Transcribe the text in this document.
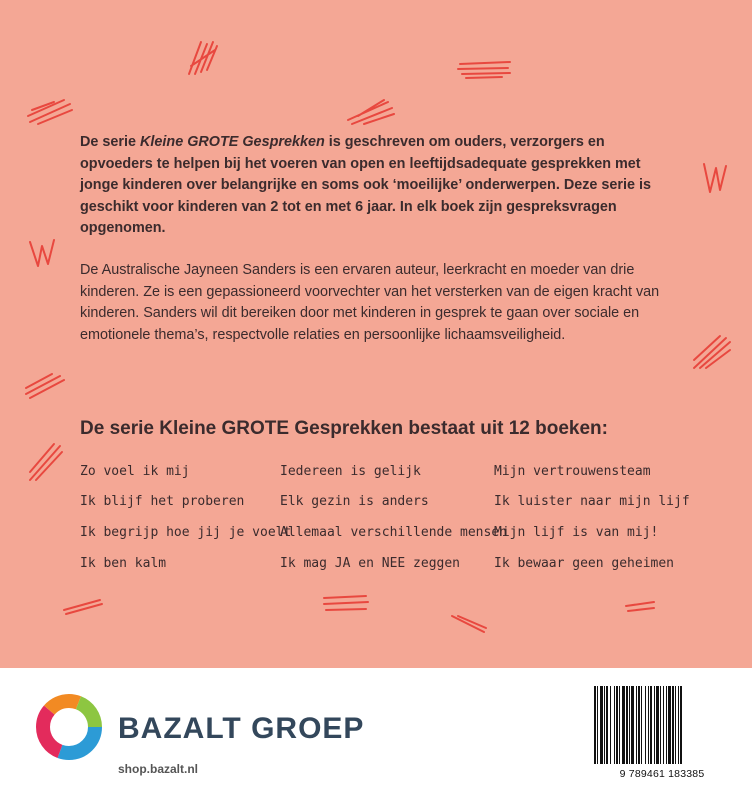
De serie Kleine GROTE Gesprekken is geschreven om ouders, verzorgers en opvoeders te helpen bij het voeren van open en leeftijdsadequate gesprekken met jonge kinderen over belangrijke en soms ook ‘moeilijke’ onderwerpen. Deze serie is geschikt voor kinderen van 2 tot en met 6 jaar. In elk boek zijn gespreksvragen opgenomen.
De Australische Jayneen Sanders is een ervaren auteur, leerkracht en moeder van drie kinderen. Ze is een gepassioneerd voorvechter van het versterken van de eigen kracht van kinderen. Sanders wil dit bereiken door met kinderen in gesprek te gaan over sociale en emotionele thema’s, respectvolle relaties en persoonlijke lichaamsveiligheid.
De serie Kleine GROTE Gesprekken bestaat uit 12 boeken:
Zo voel ik mij
Ik blijf het proberen
Ik begrijp hoe jij je voelt
Ik ben kalm
Iedereen is gelijk
Elk gezin is anders
Allemaal verschillende mensen
Ik mag JA en NEE zeggen
Mijn vertrouwensteam
Ik luister naar mijn lijf
Mijn lijf is van mij!
Ik bewaar geen geheimen
BAZALT GROEP
shop.bazalt.nl	9 789461 183385
